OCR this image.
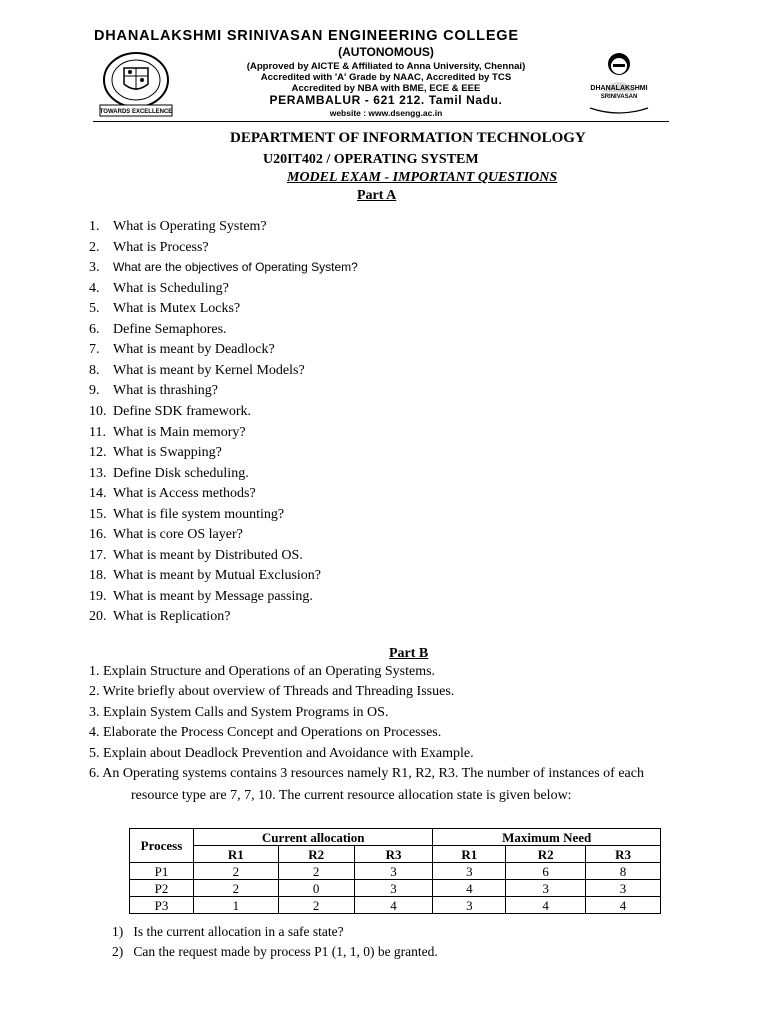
DHANALAKSHMI SRINIVASAN ENGINEERING COLLEGE
TOWARDS EXCELLENCE
(AUTONOMOUS)
(Approved by AICTE & Affiliated to Anna University, Chennai)
Accredited with 'A' Grade by NAAC, Accredited by TCS
Accredited by NBA with BME, ECE & EEE
PERAMBALUR - 621 212. Tamil Nadu.
website : www.dsengg.ac.in
DHANALAKSHMI
SRINIVASAN
DEPARTMENT OF INFORMATION TECHNOLOGY
U20IT402 / OPERATING SYSTEM
MODEL EXAM - IMPORTANT QUESTIONS
Part A
1. What is Operating System?
2. What is Process?
3. What are the objectives of Operating System?
4. What is Scheduling?
5. What is Mutex Locks?
6. Define Semaphores.
7. What is meant by Deadlock?
8. What is meant by Kernel Models?
9. What is thrashing?
10. Define SDK framework.
11. What is Main memory?
12. What is Swapping?
13. Define Disk scheduling.
14. What is Access methods?
15. What is file system mounting?
16. What is core OS layer?
17. What is meant by Distributed OS.
18. What is meant by Mutual Exclusion?
19. What is meant by Message passing.
20. What is Replication?
Part B
1. Explain Structure and Operations of an Operating Systems.
2. Write briefly about overview of Threads and Threading Issues.
3. Explain System Calls and System Programs in OS.
4. Elaborate the Process Concept and Operations on Processes.
5. Explain about Deadlock Prevention and Avoidance with Example.
6. An Operating systems contains 3 resources namely R1, R2, R3. The number of instances of each
resource type are 7, 7, 10. The current resource allocation state is given below:
Process	Current allocation			Maximum Need		
	R1	R2	R3	R1	R2	R3
P1	2	2	3	3	6	8
P2	2	0	3	4	3	3
P3	1	2	4	3	4	4
1) Is the current allocation in a safe state?
2) Can the request made by process P1 (1, 1, 0) be granted.
